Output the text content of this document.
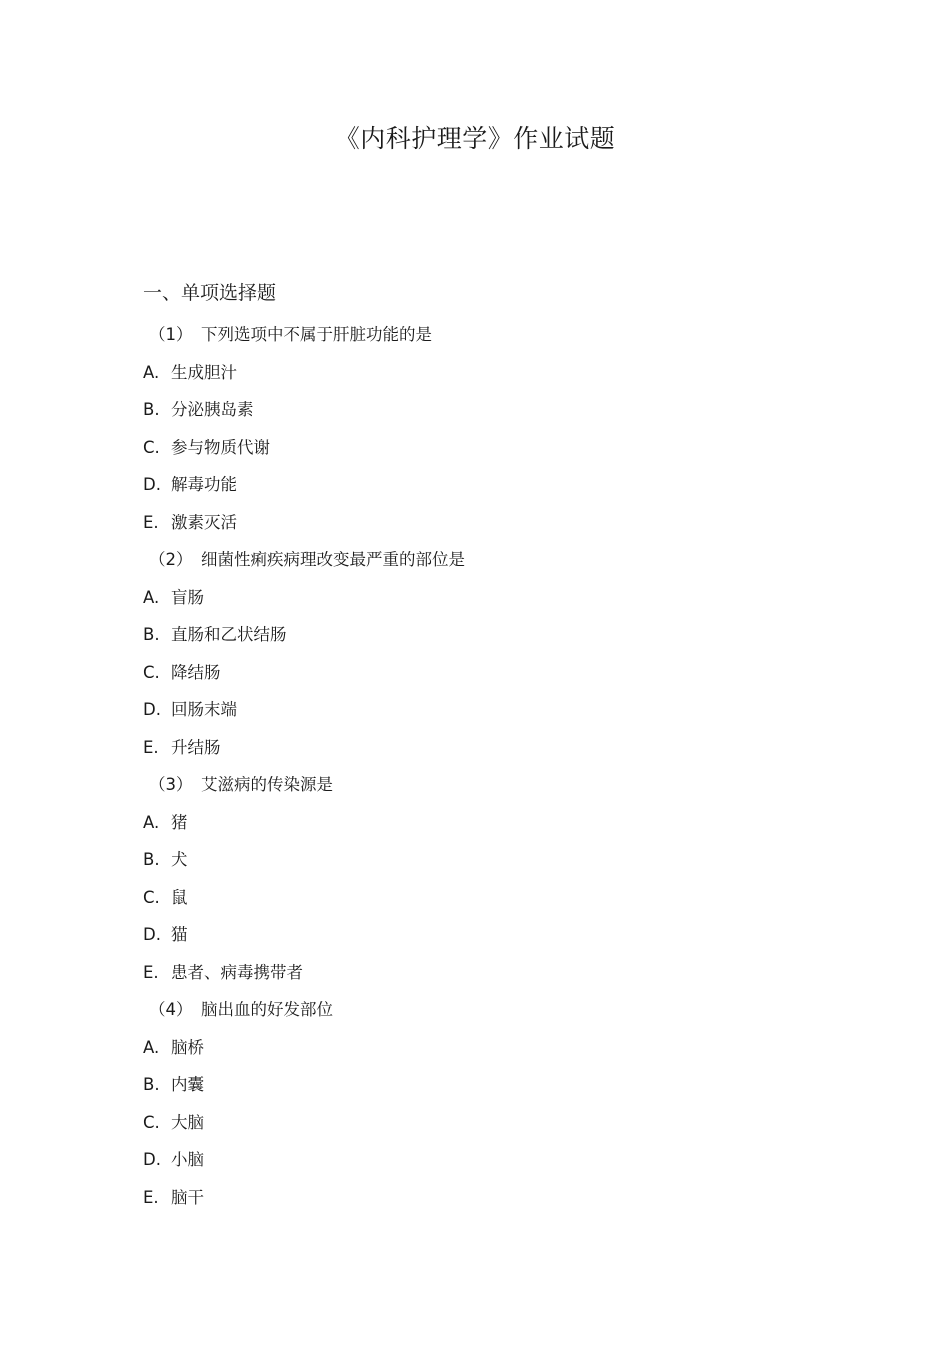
《内科护理学》作业试题
一、单项选择题
（1） 下列选项中不属于肝脏功能的是
A. 生成胆汁
B. 分泌胰岛素
C. 参与物质代谢
D. 解毒功能
E. 激素灭活
（2） 细菌性痢疾病理改变最严重的部位是
A. 盲肠
B. 直肠和乙状结肠
C. 降结肠
D. 回肠末端
E. 升结肠
（3） 艾滋病的传染源是
A. 猪
B. 犬
C. 鼠
D. 猫
E. 患者、病毒携带者
（4） 脑出血的好发部位
A. 脑桥
B. 内囊
C. 大脑
D. 小脑
E. 脑干
